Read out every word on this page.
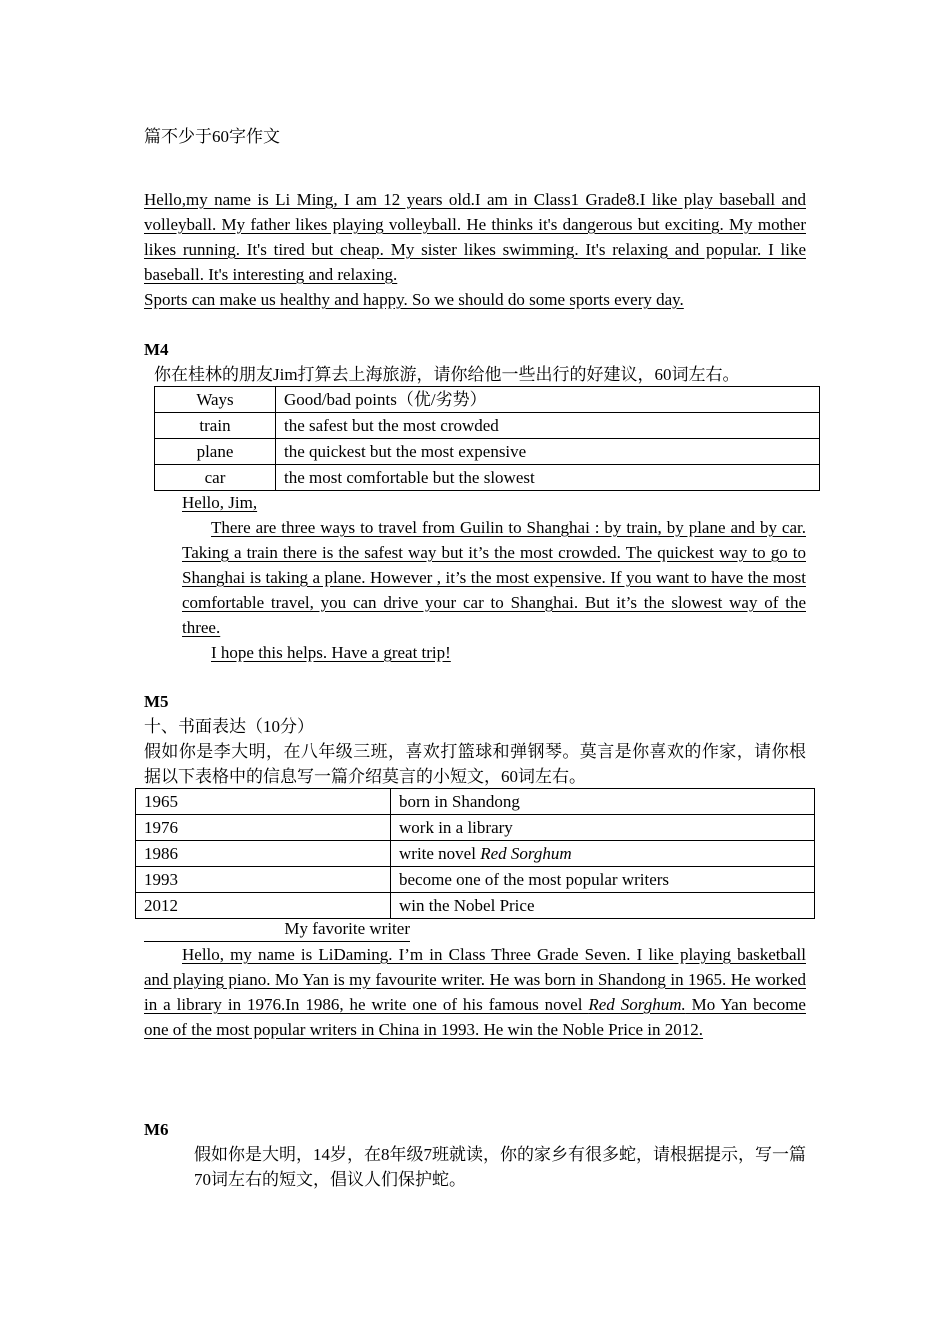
篇不少于60字作文
Hello,my name is Li Ming, I am 12 years old.I am in Class1 Grade8.I like play baseball and volleyball. My father likes playing volleyball. He thinks it's dangerous but exciting. My mother likes running. It's tired but cheap. My sister likes swimming. It's relaxing and popular. I like baseball. It's interesting and relaxing.
Sports can make us healthy and happy. So we should do some sports every day.
M4
你在桂林的朋友Jim打算去上海旅游，请你给他一些出行的好建议，60词左右。
Ways	Good/bad points（优/劣势）
train	the safest but the most crowded
plane	the quickest but the most expensive
car	the most comfortable but the slowest
Hello, Jim,
There are three ways to travel from Guilin to Shanghai : by train, by plane and by car. Taking a train there is the safest way but it’s the most crowded. The quickest way to go to Shanghai is taking a plane. However , it’s the most expensive. If you want to have the most comfortable travel, you can drive your car to Shanghai. But it’s the slowest way of the three.
I hope this helps. Have a great trip!
M5
十、书面表达（10分）
假如你是李大明，在八年级三班，喜欢打篮球和弹钢琴。莫言是你喜欢的作家，请你根据以下表格中的信息写一篇介绍莫言的小短文，60词左右。
1965	born in Shandong
1976	work in a library
1986	write novel Red Sorghum
1993	become one of the most popular writers
2012	win the Nobel Price
My favorite writer
Hello, my name is LiDaming. I’m in Class Three Grade Seven. I like playing basketball and playing piano. Mo Yan is my favourite writer. He was born in Shandong in 1965. He worked in a library in 1976.In 1986, he write one of his famous novel Red Sorghum. Mo Yan become one of the most popular writers in China in 1993. He win the Noble Price in 2012.
M6
假如你是大明，14岁，在8年级7班就读，你的家乡有很多蛇，请根据提示，写一篇70词左右的短文，倡议人们保护蛇。
